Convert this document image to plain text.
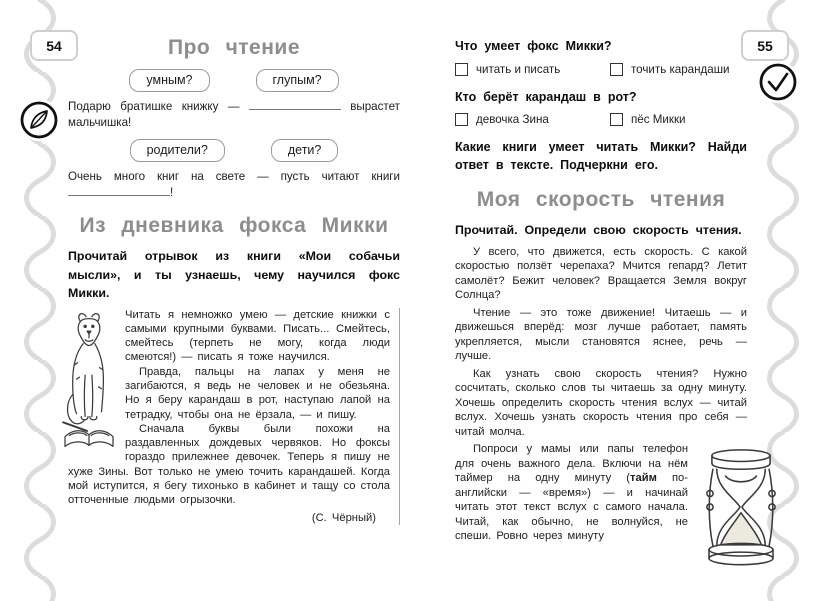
54	55
Про чтение
умным?	глупым?
Подарю братишке книжку —	вырастет мальчишка!
родители?	дети?
Очень много книг на свете — пусть читают книги !
Из дневника фокса Микки
Прочитай отрывок из книги «Мои собачьи мысли», и ты узнаешь, чему научился фокс Микки.

Читать я немножко умею — детские книжки с самыми крупными буквами. Писать... Смейтесь, смейтесь (терпеть не могу, когда люди смеются!) — писать я тоже научился.

Правда, пальцы на лапах у меня не загибаются, я ведь не человек и не обезьяна. Но я беру карандаш в рот, наступаю лапой на тетрадку, чтобы она не ёрзала, — и пишу.

Сначала буквы были похожи на раздавленных дождевых червяков. Но фоксы гораздо прилежнее девочек. Теперь я пишу не хуже Зины. Вот только не умею точить карандашей. Когда мой иступится, я бегу тихонько в кабинет и тащу со стола отточенные людьми огрызочки.

(С. Чёрный)
Что умеет фокс Микки?
читать и писать	точить карандаши
Кто берёт карандаш в рот?
девочка Зина	пёс Микки
Какие книги умеет читать Микки? Найди ответ в тексте. Подчеркни его.
Моя скорость чтения
Прочитай. Определи свою скорость чтения.

У всего, что движется, есть скорость. С какой скоростью ползёт черепаха? Мчится гепард? Летит самолёт? Бежит человек? Вращается Земля вокруг Солнца?

Чтение — это тоже движение! Читаешь — и движешься вперёд: мозг лучше работает, память укрепляется, мысли становятся яснее, речь — лучше.

Как узнать свою скорость чтения? Нужно сосчитать, сколько слов ты читаешь за одну минуту. Хочешь определить скорость чтения вслух — читай вслух. Хочешь узнать скорость чтения про себя — читай молча.

Попроси у мамы или папы телефон для очень важного дела. Включи на нём таймер на одну минуту (тайм по-английски — «время») — и начинай читать этот текст вслух с самого начала. Читай, как обычно, не волнуйся, не спеши. Ровно через минуту
